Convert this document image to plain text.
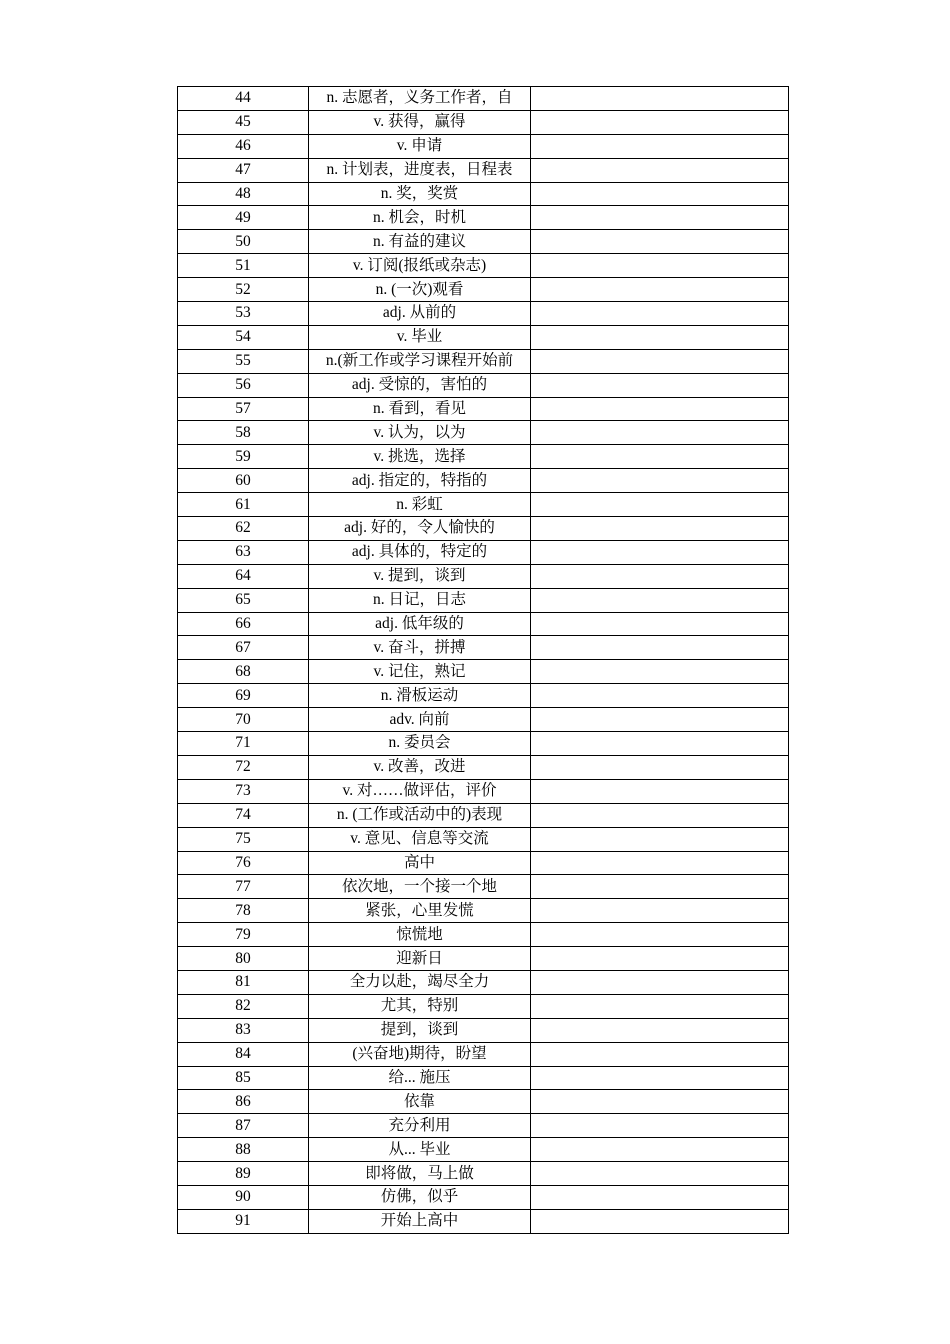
44	n. 志愿者，义务工作者，自	
45	v. 获得，赢得	
46	v. 申请	
47	n. 计划表，进度表，日程表	
48	n. 奖，奖赏	
49	n. 机会，时机	
50	n. 有益的建议	
51	v. 订阅(报纸或杂志)	
52	n. (一次)观看	
53	adj. 从前的	
54	v. 毕业	
55	n.(新工作或学习课程开始前	
56	adj. 受惊的，害怕的	
57	n. 看到，看见	
58	v. 认为，以为	
59	v. 挑选，选择	
60	adj. 指定的，特指的	
61	n. 彩虹	
62	adj. 好的，令人愉快的	
63	adj. 具体的，特定的	
64	v. 提到，谈到	
65	n. 日记，日志	
66	adj. 低年级的	
67	v. 奋斗，拼搏	
68	v. 记住，熟记	
69	n. 滑板运动	
70	adv. 向前	
71	n. 委员会	
72	v. 改善，改进	
73	v. 对……做评估，评价	
74	n. (工作或活动中的)表现	
75	v. 意见、信息等交流	
76	高中	
77	依次地，一个接一个地	
78	紧张，心里发慌	
79	惊慌地	
80	迎新日	
81	全力以赴，竭尽全力	
82	尤其，特别	
83	提到，谈到	
84	(兴奋地)期待，盼望	
85	给... 施压	
86	依靠	
87	充分利用	
88	从... 毕业	
89	即将做，马上做	
90	仿佛，似乎	
91	开始上高中	
